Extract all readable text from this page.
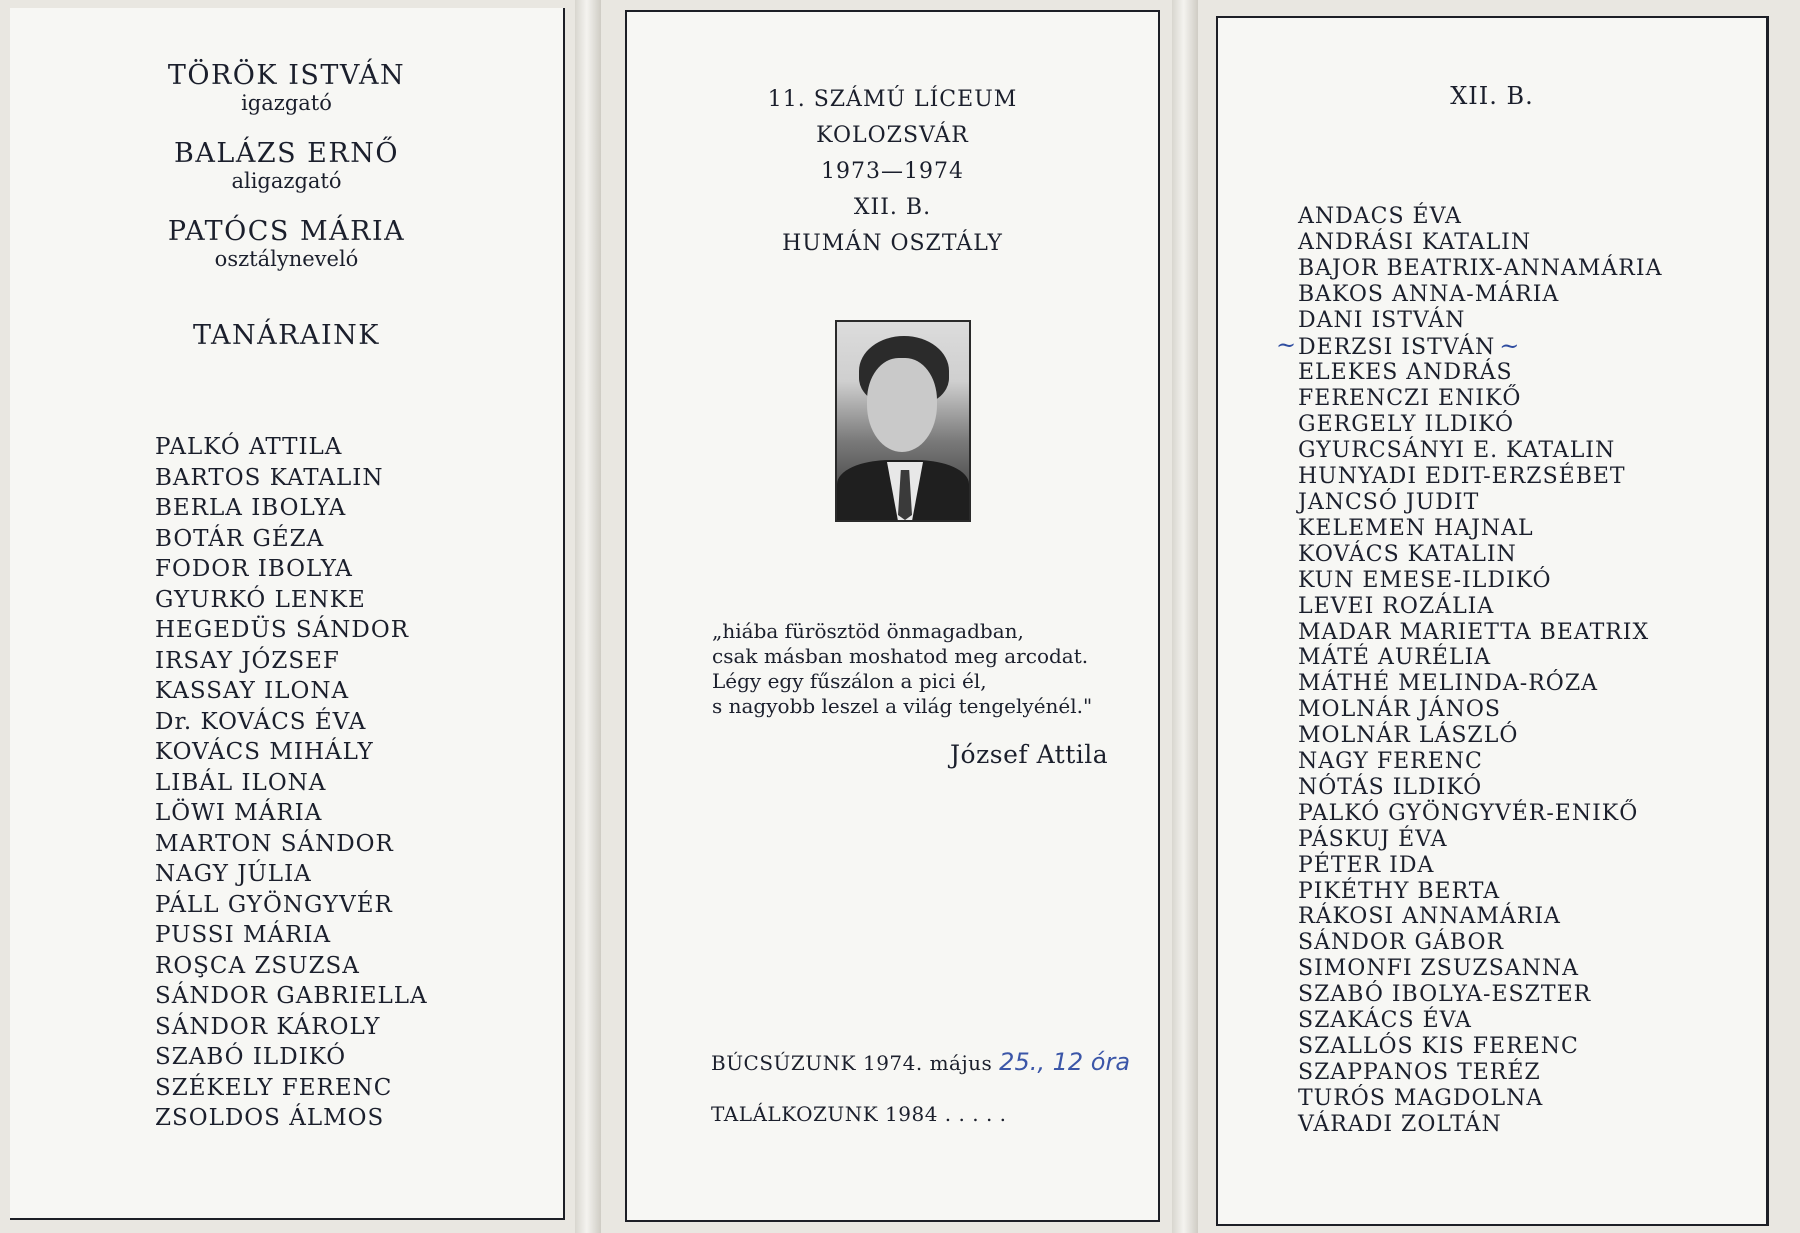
TÖRÖK ISTVÁN
igazgató
BALÁZS ERNŐ
aligazgató
PATÓCS MÁRIA
osztályneveló
TANÁRAINK
PALKÓ ATTILA
BARTOS KATALIN
BERLA IBOLYA
BOTÁR GÉZA
FODOR IBOLYA
GYURKÓ LENKE
HEGEDÜS SÁNDOR
IRSAY JÓZSEF
KASSAY ILONA
Dr. KOVÁCS ÉVA
KOVÁCS MIHÁLY
LIBÁL ILONA
LÖWI MÁRIA
MARTON SÁNDOR
NAGY JÚLIA
PÁLL GYÖNGYVÉR
PUSSI MÁRIA
ROŞCA ZSUZSA
SÁNDOR GABRIELLA
SÁNDOR KÁROLY
SZABÓ ILDIKÓ
SZÉKELY FERENC
ZSOLDOS ÁLMOS
11. SZÁMÚ LÍCEUM
KOLOZSVÁR
1973—1974
XII. B.
HUMÁN OSZTÁLY
„hiába fürösztöd önmagadban,
csak másban moshatod meg arcodat.
Légy egy fűszálon a pici él,
s nagyobb leszel a világ tengelyénél."
József Attila
BÚCSÚZUNK 1974. május 25., 12 óra
TALÁLKOZUNK 1984 . . . . .
XII. B.
ANDACS ÉVA
ANDRÁSI KATALIN
BAJOR BEATRIX-ANNAMÁRIA
BAKOS ANNA-MÁRIA
DANI ISTVÁN
~ DERZSI ISTVÁN ~
ELEKES ANDRÁS
FERENCZI ENIKŐ
GERGELY ILDIKÓ
GYURCSÁNYI E. KATALIN
HUNYADI EDIT-ERZSÉBET
JANCSÓ JUDIT
KELEMEN HAJNAL
KOVÁCS KATALIN
KUN EMESE-ILDIKÓ
LEVEI ROZÁLIA
MADAR MARIETTA BEATRIX
MÁTÉ AURÉLIA
MÁTHÉ MELINDA-RÓZA
MOLNÁR JÁNOS
MOLNÁR LÁSZLÓ
NAGY FERENC
NÓTÁS ILDIKÓ
PALKÓ GYÖNGYVÉR-ENIKŐ
PÁSKUJ ÉVA
PÉTER IDA
PIKÉTHY BERTA
RÁKOSI ANNAMÁRIA
SÁNDOR GÁBOR
SIMONFI ZSUZSANNA
SZABÓ IBOLYA-ESZTER
SZAKÁCS ÉVA
SZALLÓS KIS FERENC
SZAPPANOS TERÉZ
TURÓS MAGDOLNA
VÁRADI ZOLTÁN
